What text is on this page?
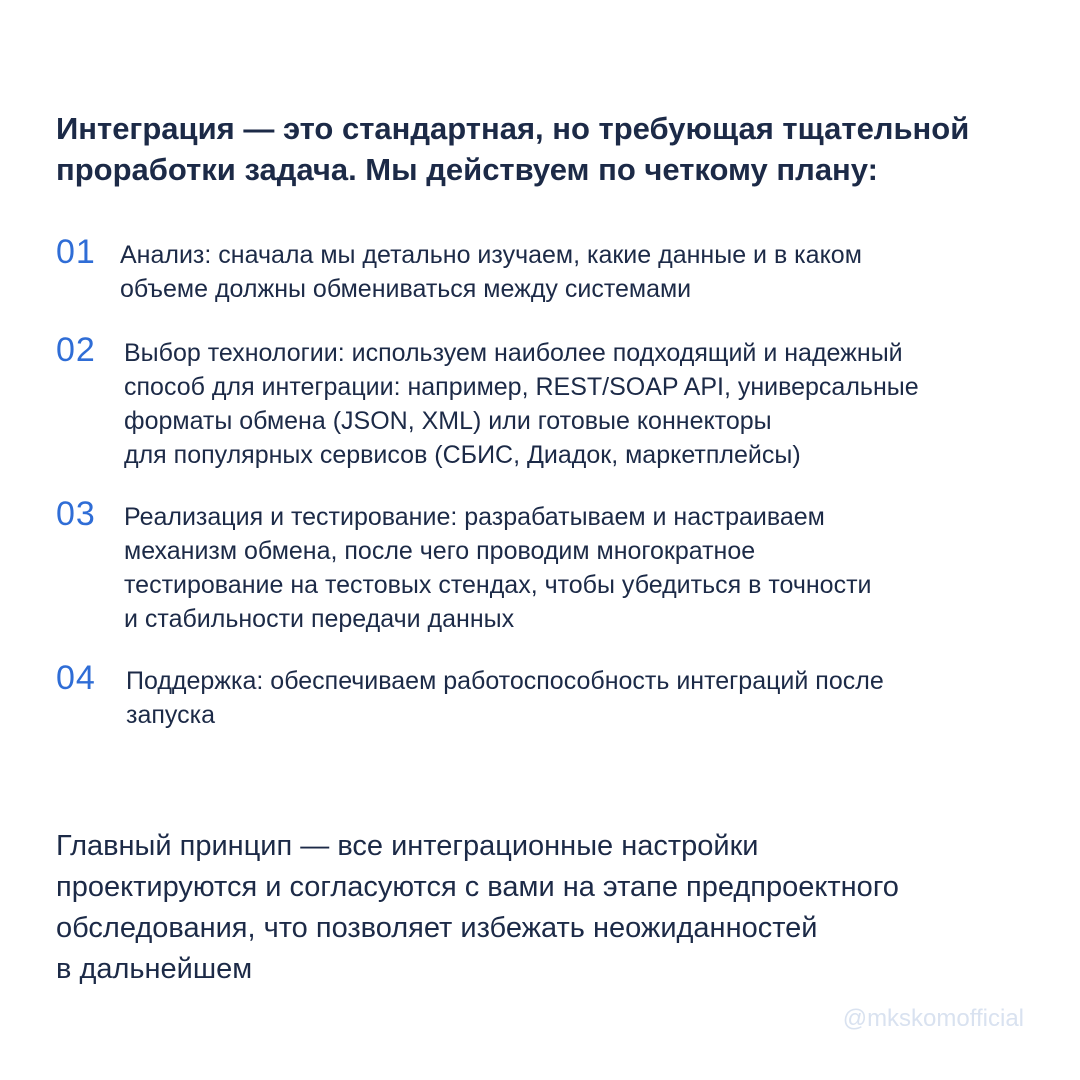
Интеграция — это стандартная, но требующая тщательной проработки задача. Мы действуем по четкому плану:

01 Анализ: сначала мы детально изучаем, какие данные и в каком
объеме должны обмениваться между системами
02 Выбор технологии: используем наиболее подходящий и надежный
способ для интеграции: например, REST/SOAP API, универсальные
форматы обмена (JSON, XML) или готовые коннекторы
для популярных сервисов (СБИС, Диадок, маркетплейсы)
03 Реализация и тестирование: разрабатываем и настраиваем
механизм обмена, после чего проводим многократное
тестирование на тестовых стендах, чтобы убедиться в точности
и стабильности передачи данных
04 Поддержка: обеспечиваем работоспособность интеграций после
запуска

Главный принцип — все интеграционные настройки
проектируются и согласуются с вами на этапе предпроектного
обследования, что позволяет избежать неожиданностей
в дальнейшем

@mkskomofficial
